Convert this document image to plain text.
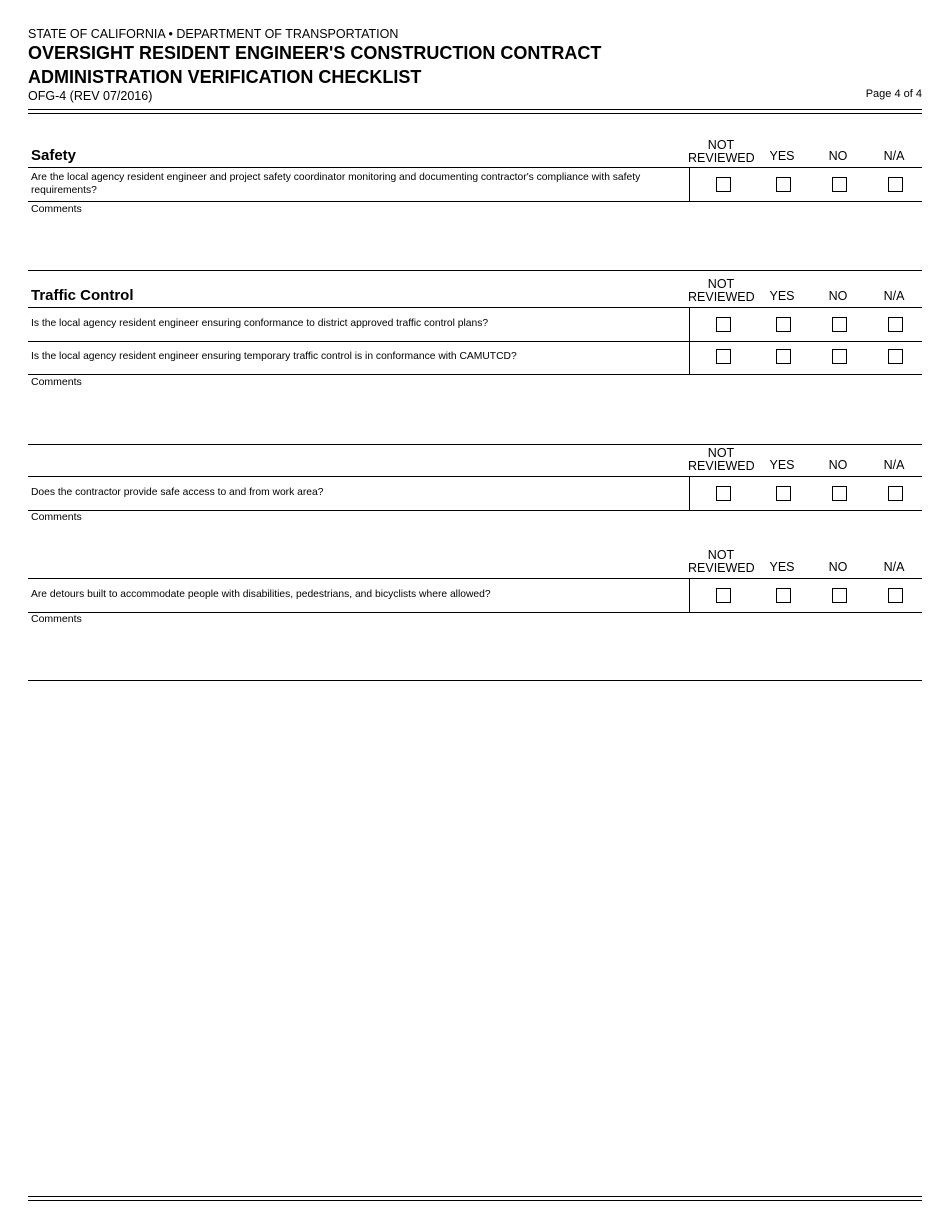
STATE OF CALIFORNIA • DEPARTMENT OF TRANSPORTATION
OVERSIGHT RESIDENT ENGINEER'S CONSTRUCTION CONTRACT
ADMINISTRATION VERIFICATION CHECKLIST
OFG-4 (REV 07/2016)	Page 4 of 4
Safety
NOT
REVIEWED	YES	NO	N/A
Are the local agency resident engineer and project safety coordinator monitoring and documenting contractor's compliance with safety requirements?
Comments
Traffic Control
NOT
REVIEWED	YES	NO	N/A
Is the local agency resident engineer ensuring conformance to district approved traffic control plans?
Is the local agency resident engineer ensuring temporary traffic control is in conformance with CAMUTCD?
Comments
NOT
REVIEWED	YES	NO	N/A
Does the contractor provide safe access to and from work area?
Comments
NOT
REVIEWED	YES	NO	N/A
Are detours built to accommodate people with disabilities, pedestrians, and bicyclists where allowed?
Comments
